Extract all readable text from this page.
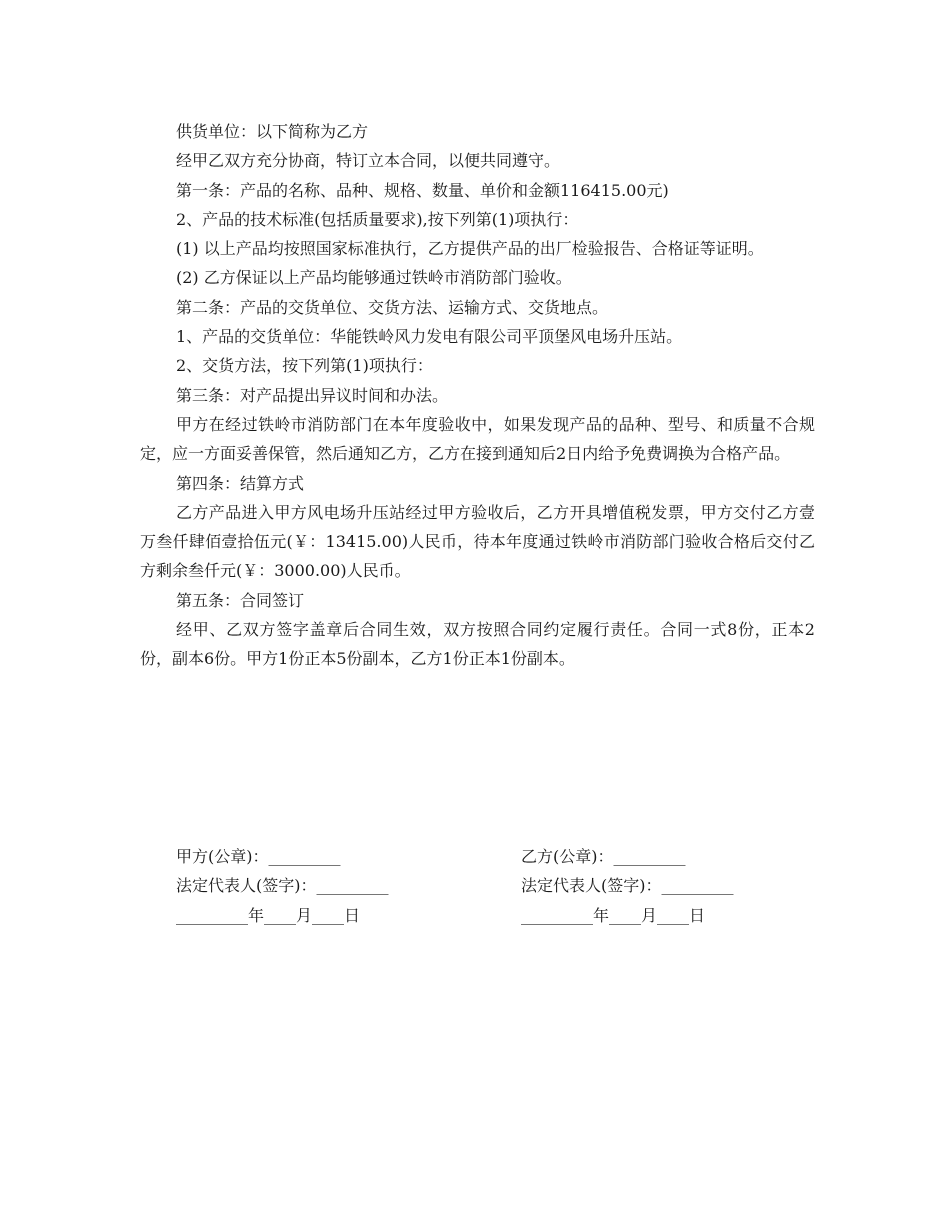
供货单位：以下简称为乙方

经甲乙双方充分协商，特订立本合同，以便共同遵守。

第一条：产品的名称、品种、规格、数量、单价和金额116415.00元)

2、产品的技术标准(包括质量要求),按下列第(1)项执行：

(1) 以上产品均按照国家标准执行，乙方提供产品的出厂检验报告、合格证等证明。

(2) 乙方保证以上产品均能够通过铁岭市消防部门验收。

第二条：产品的交货单位、交货方法、运输方式、交货地点。

1、产品的交货单位：华能铁岭风力发电有限公司平顶堡风电场升压站。

2、交货方法，按下列第(1)项执行：

第三条：对产品提出异议时间和办法。

甲方在经过铁岭市消防部门在本年度验收中，如果发现产品的品种、型号、和质量不合规定，应一方面妥善保管，然后通知乙方，乙方在接到通知后2日内给予免费调换为合格产品。

第四条：结算方式

乙方产品进入甲方风电场升压站经过甲方验收后，乙方开具增值税发票，甲方交付乙方壹万叁仟肆佰壹拾伍元(￥：13415.00)人民币，待本年度通过铁岭市消防部门验收合格后交付乙方剩余叁仟元(￥：3000.00)人民币。

第五条：合同签订

经甲、乙双方签字盖章后合同生效，双方按照合同约定履行责任。合同一式8份，正本2份，副本6份。甲方1份正本5份副本，乙方1份正本1份副本。

甲方(公章)：_________	乙方(公章)：_________
法定代表人(签字)：_________	法定代表人(签字)：_________
_________年____月____日	_________年____月____日
